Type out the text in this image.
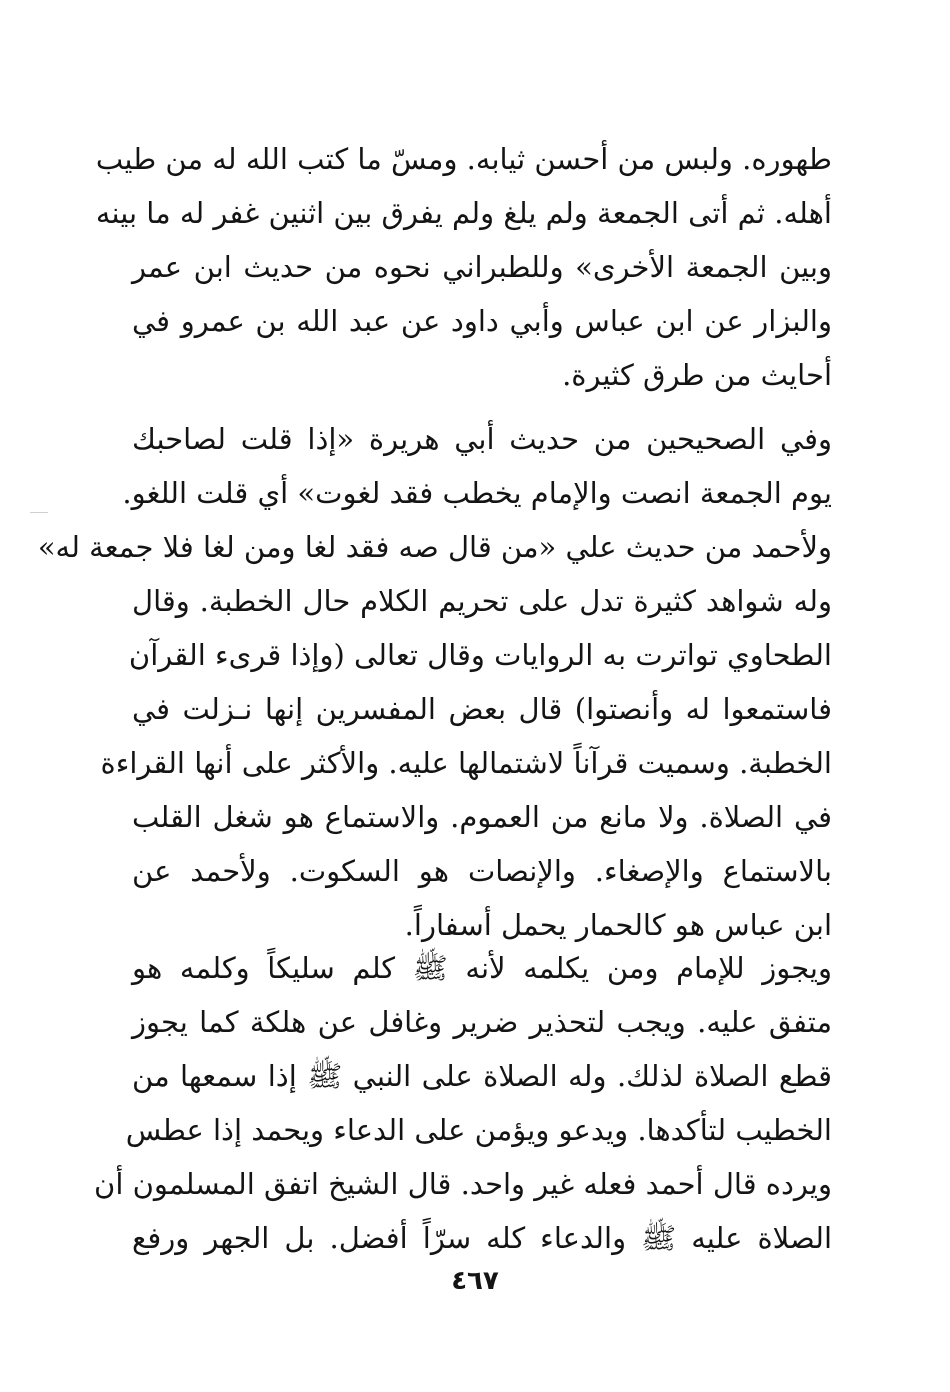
طهوره. ولبس من أحسن ثيابه. ومسّ ما كتب الله له من طيب
أهله. ثم أتى الجمعة ولم يلغ ولم يفرق بين اثنين غفر له ما بينه
وبين الجمعة الأخرى» وللطبراني نحوه من حديث ابن عمر
والبزار عن ابن عباس وأبي داود عن عبد الله بن عمرو في
أحايث من طرق كثيرة.
وفي الصحيحين من حديث أبي هريرة «إذا قلت لصاحبك
يوم الجمعة انصت والإمام يخطب فقد لغوت» أي قلت اللغو.
ولأحمد من حديث علي «من قال صه فقد لغا ومن لغا فلا جمعة له»
وله شواهد كثيرة تدل على تحريم الكلام حال الخطبة. وقال
الطحاوي تواترت به الروايات وقال تعالى (وإذا قرىء القرآن
فاستمعوا له وأنصتوا) قال بعض المفسرين إنها نـزلت في
الخطبة. وسميت قرآناً لاشتمالها عليه. والأكثر على أنها القراءة
في الصلاة. ولا مانع من العموم. والاستماع هو شغل القلب
بالاستماع والإصغاء. والإنصات هو السكوت. ولأحمد عن
ابن عباس هو كالحمار يحمل أسفاراً.
ويجوز للإمام ومن يكلمه لأنه ﷺ كلم سليكاً وكلمه هو
متفق عليه. ويجب لتحذير ضرير وغافل عن هلكة كما يجوز
قطع الصلاة لذلك. وله الصلاة على النبي ﷺ إذا سمعها من
الخطيب لتأكدها. ويدعو ويؤمن على الدعاء ويحمد إذا عطس
ويرده قال أحمد فعله غير واحد. قال الشيخ اتفق المسلمون أن
الصلاة عليه ﷺ والدعاء كله سرّاً أفضل. بل الجهر ورفع
٤٦٧
